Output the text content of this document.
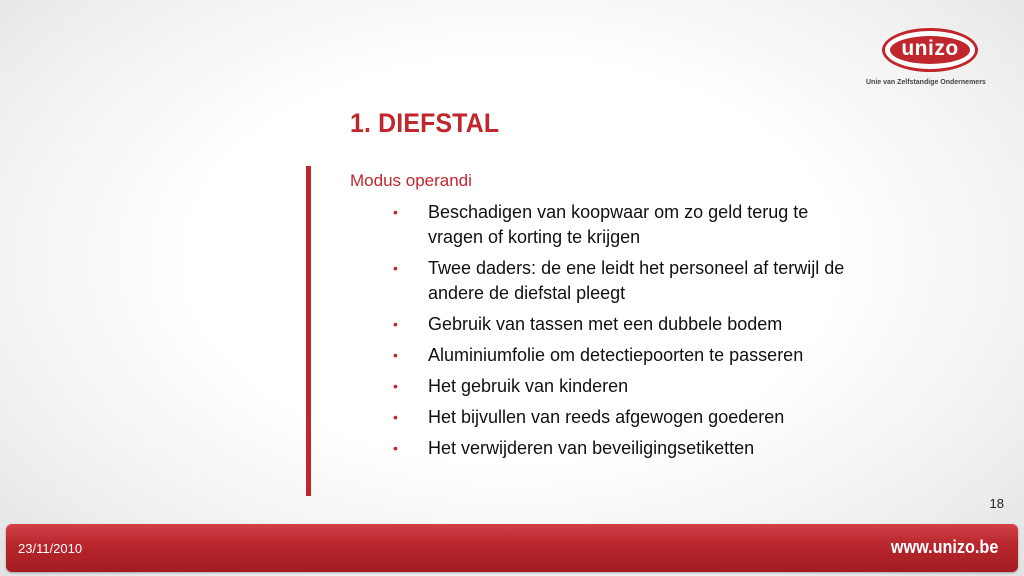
unizo
Unie van Zelfstandige Ondernemers
1. DIEFSTAL
Modus operandi
• Beschadigen van koopwaar om zo geld terug te vragen of korting te krijgen
• Twee daders: de ene leidt het personeel af terwijl de andere de diefstal pleegt
• Gebruik van tassen met een dubbele bodem
• Aluminiumfolie om detectiepoorten te passeren
• Het gebruik van kinderen
• Het bijvullen van reeds afgewogen goederen
• Het verwijderen van beveiligingsetiketten
18
23/11/2010	www.unizo.be
